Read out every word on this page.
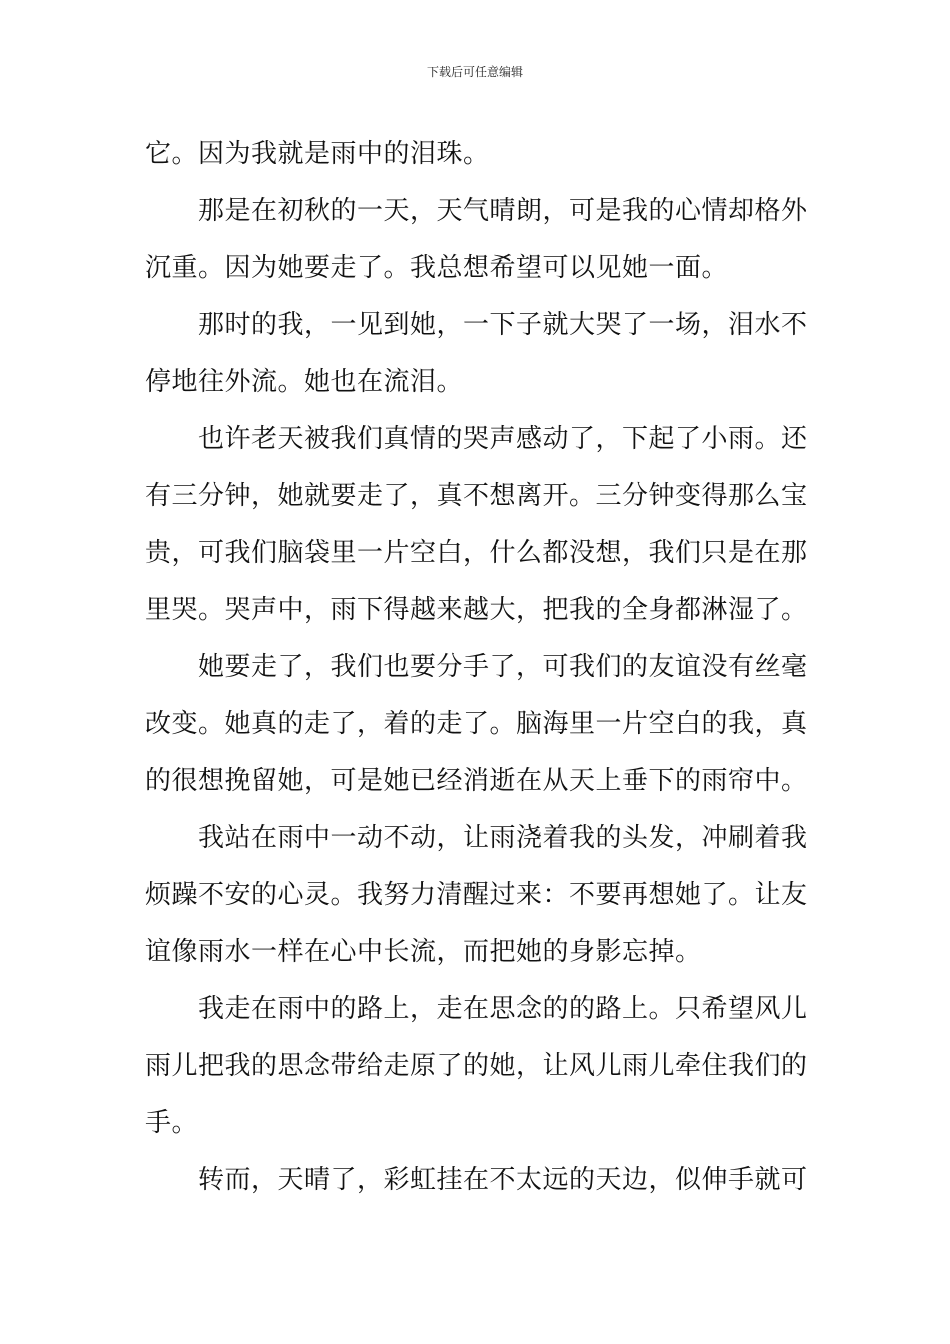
下载后可任意编辑
它。因为我就是雨中的泪珠。
那是在初秋的一天，天气晴朗，可是我的心情却格外
沉重。因为她要走了。我总想希望可以见她一面。
那时的我，一见到她，一下子就大哭了一场，泪水不
停地往外流。她也在流泪。
也许老天被我们真情的哭声感动了，下起了小雨。还
有三分钟，她就要走了，真不想离开。三分钟变得那么宝
贵，可我们脑袋里一片空白，什么都没想，我们只是在那
里哭。哭声中，雨下得越来越大，把我的全身都淋湿了。
她要走了，我们也要分手了，可我们的友谊没有丝毫
改变。她真的走了，着的走了。脑海里一片空白的我，真
的很想挽留她，可是她已经消逝在从天上垂下的雨帘中。
我站在雨中一动不动，让雨浇着我的头发，冲刷着我
烦躁不安的心灵。我努力清醒过来：不要再想她了。让友
谊像雨水一样在心中长流，而把她的身影忘掉。
我走在雨中的路上，走在思念的的路上。只希望风儿
雨儿把我的思念带给走原了的她，让风儿雨儿牵住我们的
手。
转而，天晴了，彩虹挂在不太远的天边，似伸手就可
